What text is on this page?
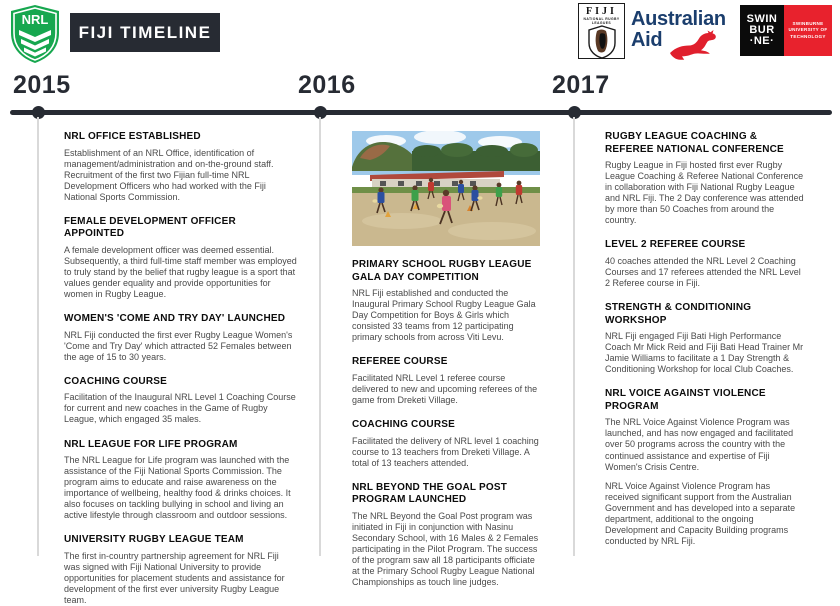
NRL
FIJI TIMELINE
FIJI
NATIONAL RUGBY LEAGUES Australian
Aid
SWIN
BUR
·NE·
SWINBURNE
UNIVERSITY OF
TECHNOLOGY
2015	2016	2017
NRL OFFICE ESTABLISHED

Establishment of an NRL Office, identification of management/administration and on-the-ground staff. Recruitment of the first two Fijian full-time NRL Development Officers who had worked with the Fiji National Sports Commission.

FEMALE DEVELOPMENT OFFICER APPOINTED

A female development officer was deemed essential. Subsequently, a third full-time staff member was employed to truly stand by the belief that rugby league is a sport that values gender equality and provide opportunities for women in Rugby League.

WOMEN'S 'COME AND TRY DAY' LAUNCHED

NRL Fiji conducted the first ever Rugby League Women's 'Come and Try Day' which attracted 52 Females between the age of 15 to 30 years.

COACHING COURSE

Facilitation of the Inaugural NRL Level 1 Coaching Course for current and new coaches in the Game of Rugby League, which engaged 35 males.

NRL LEAGUE FOR LIFE PROGRAM

The NRL League for Life program was launched with the assistance of the Fiji National Sports Commission. The program aims to educate and raise awareness on the importance of wellbeing, healthy food & drinks choices. It also focuses on tackling bullying in school and living an active lifestyle through classroom and outdoor sessions.

UNIVERSITY RUGBY LEAGUE TEAM

The first in-country partnership agreement for NRL Fiji was signed with Fiji National University to provide opportunities for placement students and assistance for development of the first ever university Rugby League team.

PRIMARY SCHOOL RUGBY LEAGUE GALA DAY COMPETITION

NRL Fiji established and conducted the Inaugural Primary School Rugby League Gala Day Competition for Boys & Girls which consisted 33 teams from 12 participating primary schools from across Viti Levu.

REFEREE COURSE

Facilitated NRL Level 1 referee course delivered to new and upcoming referees of the game from Dreketi Village.

COACHING COURSE

Facilitated the delivery of NRL level 1 coaching course to 13 teachers from Dreketi Village. A total of 13 teachers attended.

NRL BEYOND THE GOAL POST PROGRAM LAUNCHED

The NRL Beyond the Goal Post program was initiated in Fiji in conjunction with Nasinu Secondary School, with 16 Males & 2 Females participating in the Pilot Program. The success of the program saw all 18 participants officiate at the Primary School Rugby League National Championships as touch line judges.

RUGBY LEAGUE COACHING & REFEREE NATIONAL CONFERENCE

Rugby League in Fiji hosted first ever Rugby League Coaching & Referee National Conference in collaboration with Fiji National Rugby League and NRL Fiji. The 2 Day conference was attended by more than 50 Coaches from around the country.

LEVEL 2 REFEREE COURSE

40 coaches attended the NRL Level 2 Coaching Courses and 17 referees attended the NRL Level 2 Referee course in Fiji.

STRENGTH & CONDITIONING WORKSHOP

NRL Fiji engaged Fiji Bati High Performance Coach Mr Mick Reid and Fiji Bati Head Trainer Mr Jamie Williams to facilitate a 1 Day Strength & Conditioning Workshop for local Club Coaches.

NRL VOICE AGAINST VIOLENCE PROGRAM

The NRL Voice Against Violence Program was launched, and has now engaged and facilitated over 50 programs across the country with the continued assistance and expertise of Fiji Women's Crisis Centre.

NRL Voice Against Violence Program has received significant support from the Australian Government and has developed into a separate department, additional to the ongoing Development and Capacity Building programs conducted by NRL Fiji.
